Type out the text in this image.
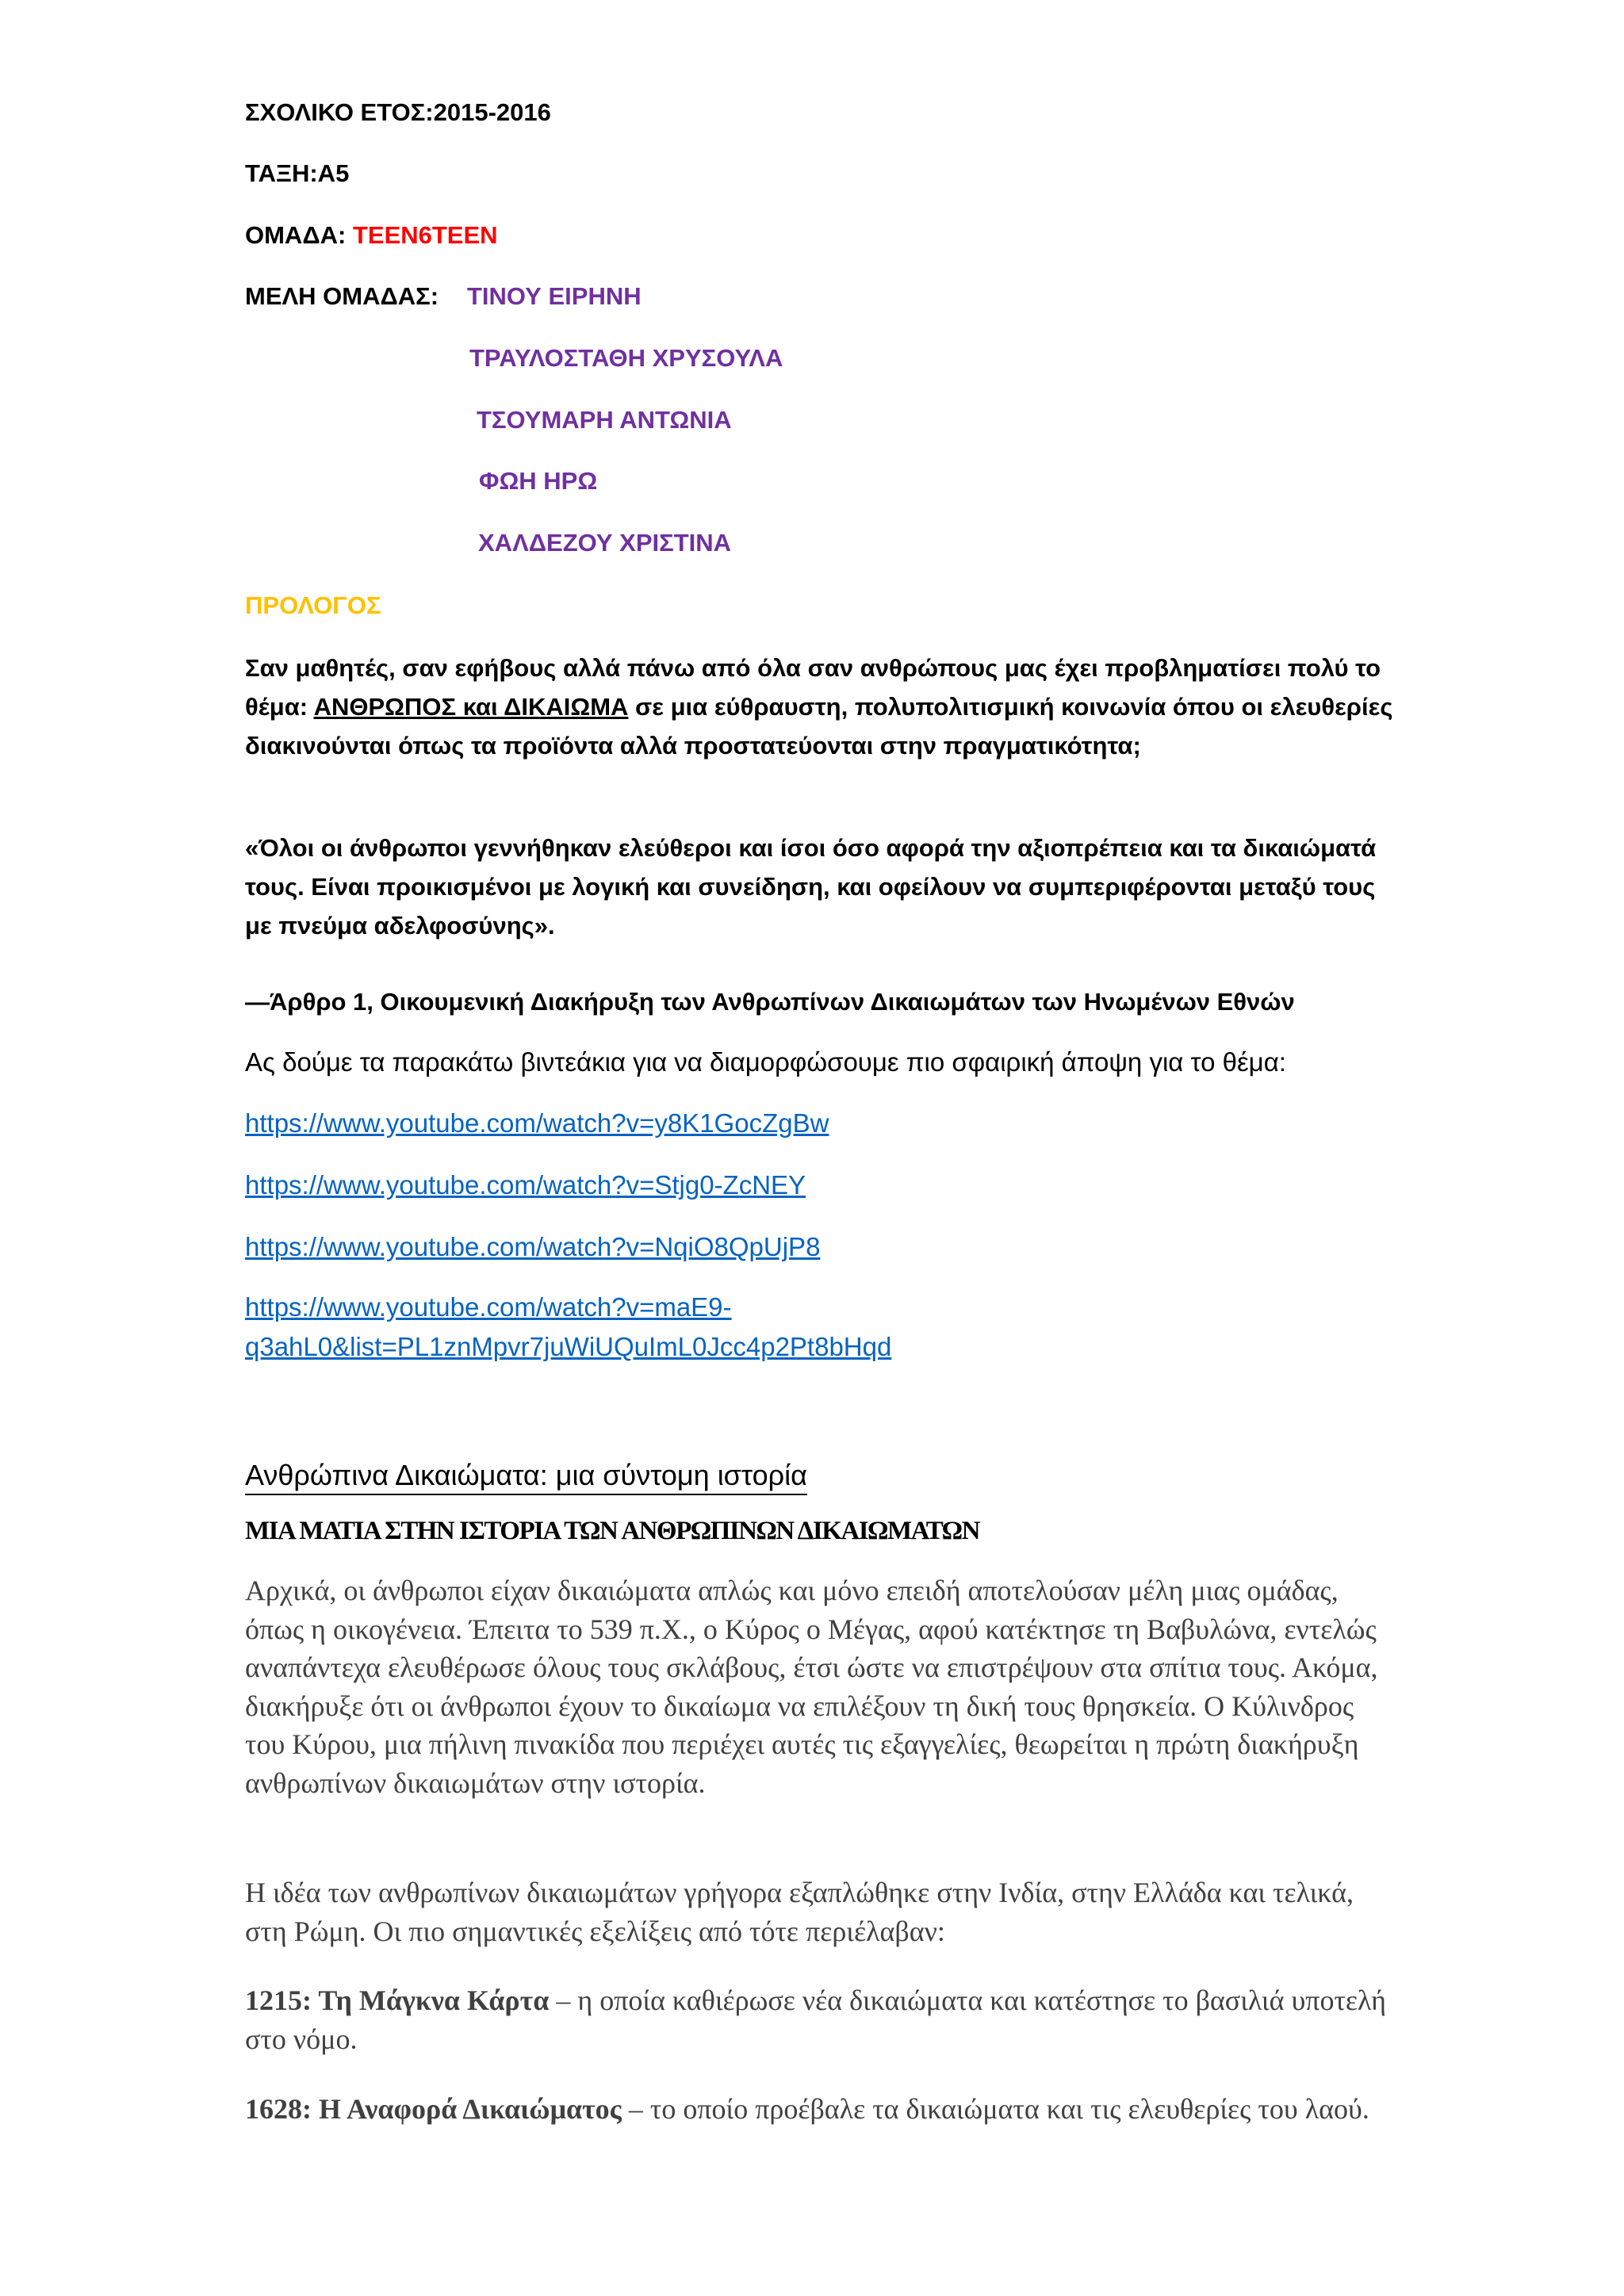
ΣΧΟΛΙΚΟ ΕΤΟΣ:2015-2016
ΤΑΞΗ:Α5
ΟΜΑΔΑ: TEEN6TEEN
ΜΕΛΗ ΟΜΑΔΑΣ: ΤΙΝΟΥ ΕΙΡΗΝΗ
ΤΡΑΥΛΟΣΤΑΘΗ ΧΡΥΣΟΥΛΑ
ΤΣΟΥΜΑΡΗ ΑΝΤΩΝΙΑ
ΦΩΗ ΗΡΩ
ΧΑΛΔΕΖΟΥ ΧΡΙΣΤΙΝΑ
ΠΡΟΛΟΓΟΣ
Σαν μαθητές, σαν εφήβους αλλά πάνω από όλα σαν ανθρώπους μας έχει προβληματίσει πολύ το θέμα: ΑΝΘΡΩΠΟΣ και ΔΙΚΑΙΩΜΑ σε μια εύθραυστη, πολυπολιτισμική κοινωνία όπου οι ελευθερίες διακινούνται όπως τα προϊόντα αλλά προστατεύονται στην πραγματικότητα;
«Όλοι οι άνθρωποι γεννήθηκαν ελεύθεροι και ίσοι όσο αφορά την αξιοπρέπεια και τα δικαιώματά τους. Είναι προικισμένοι με λογική και συνείδηση, και οφείλουν να συμπεριφέρονται μεταξύ τους με πνεύμα αδελφοσύνης».
—Άρθρο 1, Οικουμενική Διακήρυξη των Ανθρωπίνων Δικαιωμάτων των Ηνωμένων Εθνών
Ας δούμε τα παρακάτω βιντεάκια για να διαμορφώσουμε πιο σφαιρική άποψη για το θέμα:
https://www.youtube.com/watch?v=y8K1GocZgBw
https://www.youtube.com/watch?v=Stjg0-ZcNEY
https://www.youtube.com/watch?v=NqiO8QpUjP8
https://www.youtube.com/watch?v=maE9-
q3ahL0&list=PL1znMpvr7juWiUQuImL0Jcc4p2Pt8bHqd
Ανθρώπινα Δικαιώματα: μια σύντομη ιστορία
ΜΙΑ ΜΑΤΙΑ ΣΤΗΝ ΙΣΤΟΡΙΑ ΤΩΝ ΑΝΘΡΩΠΙΝΩΝ ΔΙΚΑΙΩΜΑΤΩΝ
Αρχικά, οι άνθρωποι είχαν δικαιώματα απλώς και μόνο επειδή αποτελούσαν μέλη μιας ομάδας, όπως η οικογένεια. Έπειτα το 539 π.Χ., ο Κύρος ο Μέγας, αφού κατέκτησε τη Βαβυλώνα, εντελώς αναπάντεχα ελευθέρωσε όλους τους σκλάβους, έτσι ώστε να επιστρέψουν στα σπίτια τους. Ακόμα, διακήρυξε ότι οι άνθρωποι έχουν το δικαίωμα να επιλέξουν τη δική τους θρησκεία. Ο Κύλινδρος του Κύρου, μια πήλινη πινακίδα που περιέχει αυτές τις εξαγγελίες, θεωρείται η πρώτη διακήρυξη ανθρωπίνων δικαιωμάτων στην ιστορία.
Η ιδέα των ανθρωπίνων δικαιωμάτων γρήγορα εξαπλώθηκε στην Ινδία, στην Ελλάδα και τελικά, στη Ρώμη. Οι πιο σημαντικές εξελίξεις από τότε περιέλαβαν:
1215: Τη Μάγκνα Κάρτα – η οποία καθιέρωσε νέα δικαιώματα και κατέστησε το βασιλιά υποτελή στο νόμο.
1628: Η Αναφορά Δικαιώματος – το οποίο προέβαλε τα δικαιώματα και τις ελευθερίες του λαού.
